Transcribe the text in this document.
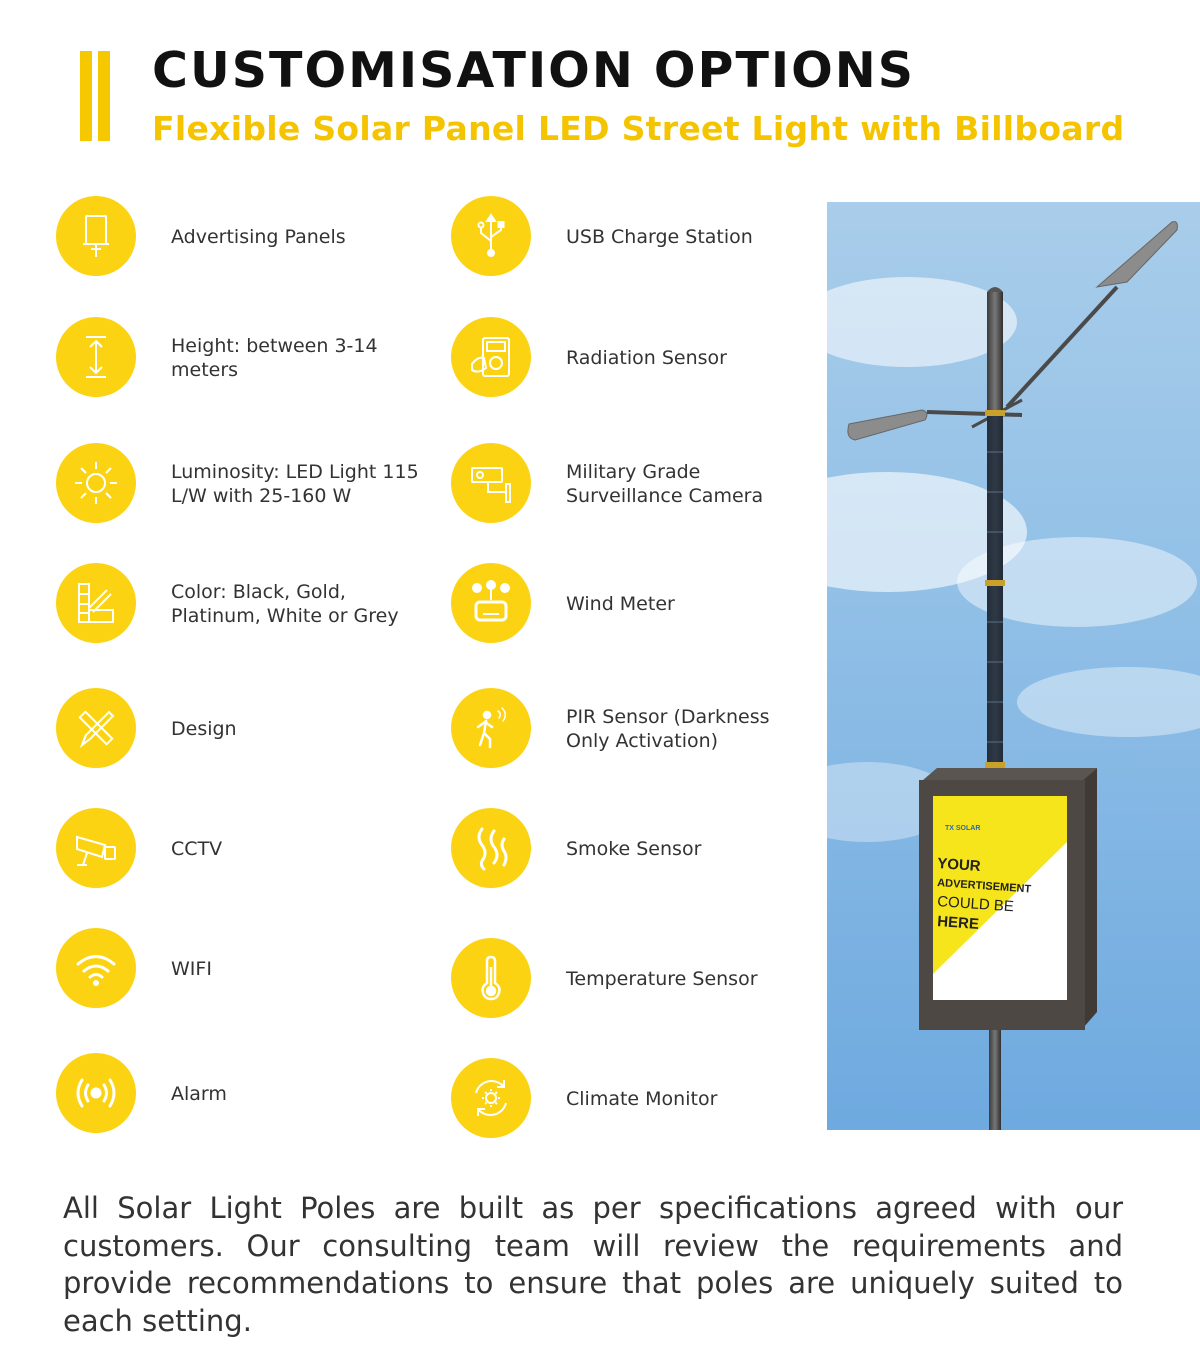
CUSTOMISATION OPTIONS
Flexible Solar Panel LED Street Light with Billboard
Advertising Panels
Height: between 3-14 meters
Luminosity: LED Light 115 L/W with 25-160 W
Color: Black, Gold, Platinum, White or Grey
Design
CCTV
WIFI
Alarm
USB Charge Station
Radiation Sensor
Military Grade Surveillance Camera
Wind Meter
PIR Sensor (Darkness Only Activation)
Smoke Sensor
Temperature Sensor
Climate Monitor
TX SOLAR
YOUR
ADVERTISEMENT
COULD BE
HERE

All Solar Light Poles are built as per specifications agreed with our customers. Our consulting team will review the requirements and provide recommendations to ensure that poles are uniquely suited to each setting.
